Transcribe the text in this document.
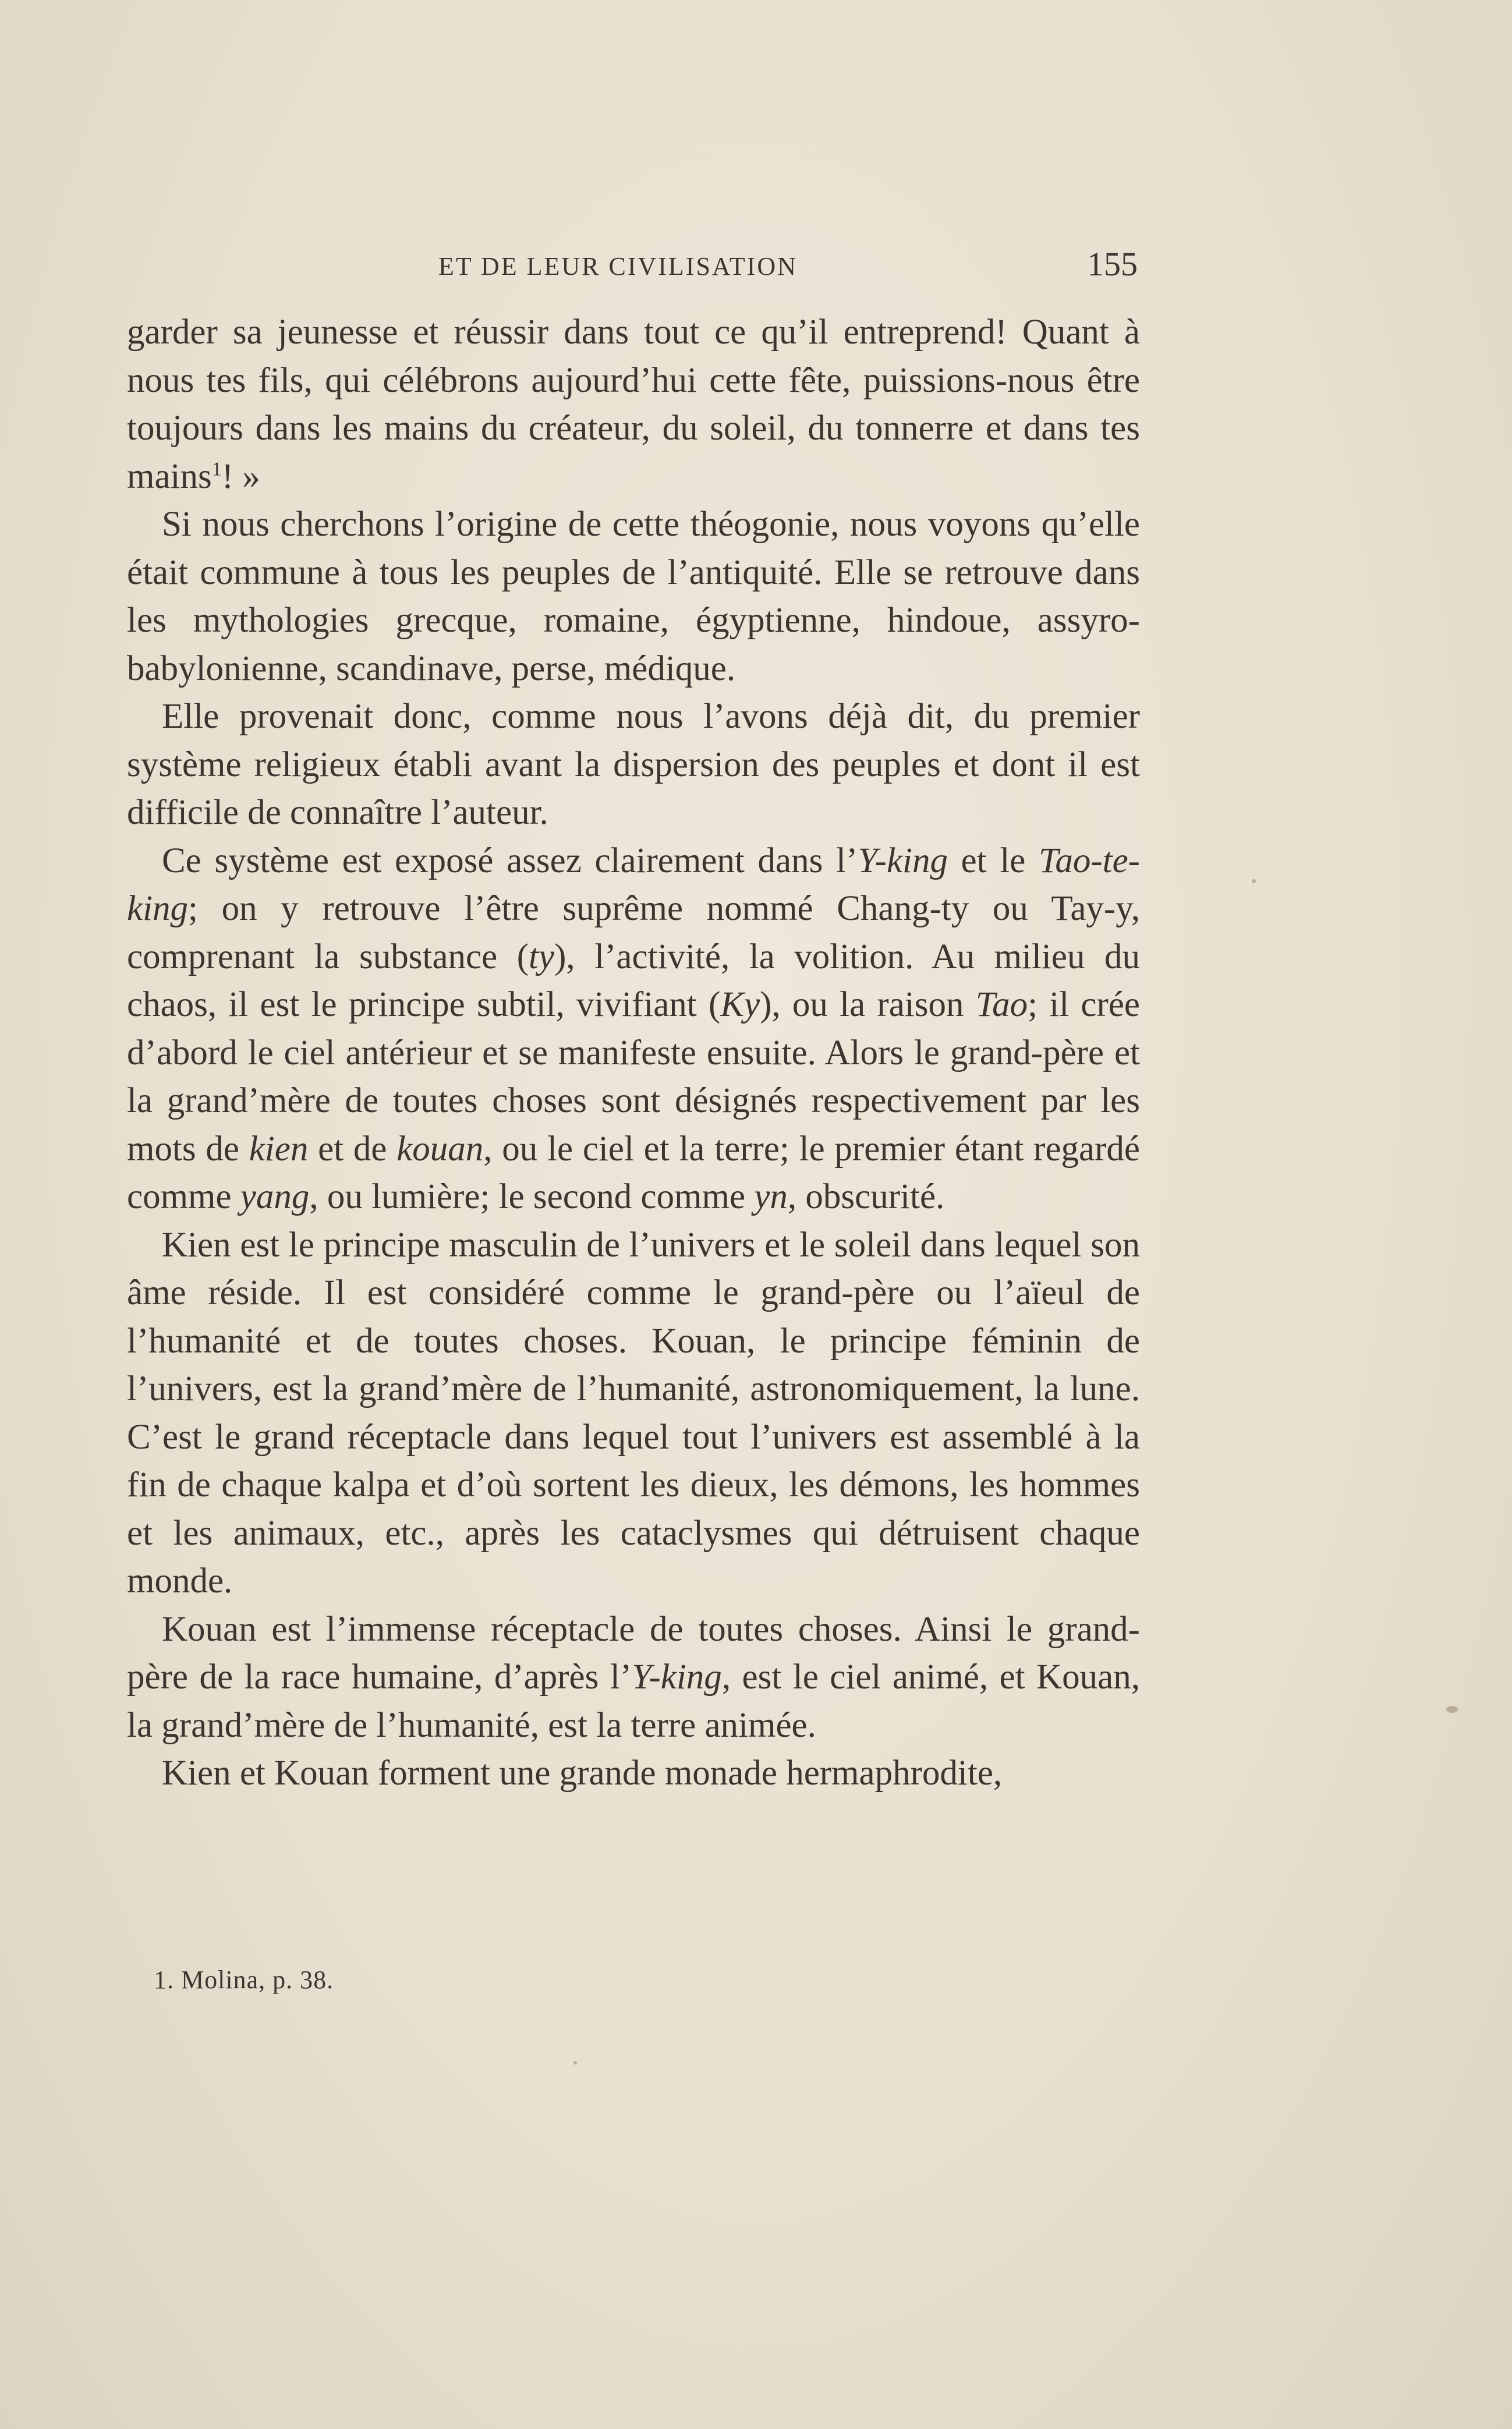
ET DE LEUR CIVILISATION	155

garder sa jeunesse et réussir dans tout ce qu’il entreprend! Quant à nous tes fils, qui célébrons aujourd’hui cette fête, puissions-nous être toujours dans les mains du créateur, du soleil, du tonnerre et dans tes mains$^1$! »

Si nous cherchons l’origine de cette théogonie, nous voyons qu’elle était commune à tous les peuples de l’antiquité. Elle se retrouve dans les mythologies grecque, romaine, égyptienne, hindoue, assyro-babylonienne, scandinave, perse, médique.

Elle provenait donc, comme nous l’avons déjà dit, du premier système religieux établi avant la dispersion des peuples et dont il est difficile de connaître l’auteur.

Ce système est exposé assez clairement dans l’Y-king et le Tao-te-king; on y retrouve l’être suprême nommé Chang-ty ou Tay-y, comprenant la substance (ty), l’activité, la volition. Au milieu du chaos, il est le principe subtil, vivifiant (Ky), ou la raison Tao; il crée d’abord le ciel antérieur et se manifeste ensuite. Alors le grand-père et la grand’mère de toutes choses sont désignés respectivement par les mots de kien et de kouan, ou le ciel et la terre; le premier étant regardé comme yang, ou lumière; le second comme yn, obscurité.

Kien est le principe masculin de l’univers et le soleil dans lequel son âme réside. Il est considéré comme le grand-père ou l’aïeul de l’humanité et de toutes choses. Kouan, le principe féminin de l’univers, est la grand’mère de l’humanité, astronomiquement, la lune. C’est le grand réceptacle dans lequel tout l’univers est assemblé à la fin de chaque kalpa et d’où sortent les dieux, les démons, les hommes et les animaux, etc., après les cataclysmes qui détruisent chaque monde.

Kouan est l’immense réceptacle de toutes choses. Ainsi le grand-père de la race humaine, d’après l’Y-king, est le ciel animé, et Kouan, la grand’mère de l’humanité, est la terre animée.

Kien et Kouan forment une grande monade hermaphrodite,

1. Molina, p. 38.
